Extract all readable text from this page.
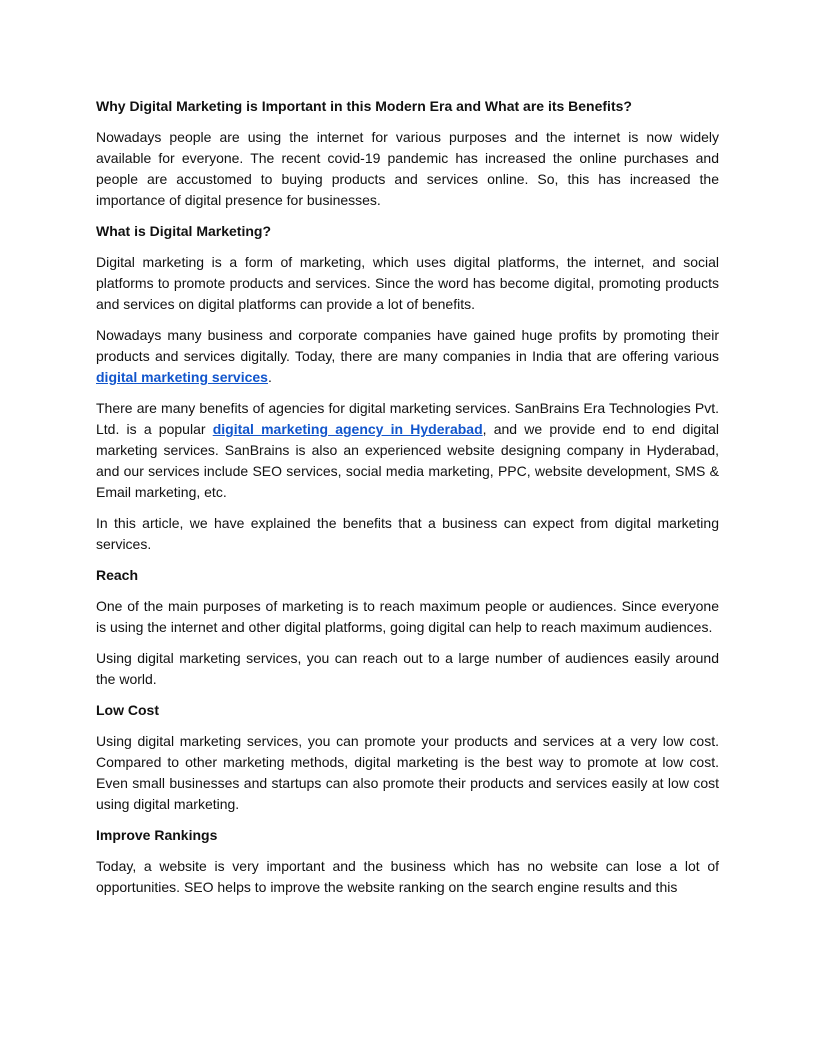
Why Digital Marketing is Important in this Modern Era and What are its Benefits?

Nowadays people are using the internet for various purposes and the internet is now widely available for everyone. The recent covid-19 pandemic has increased the online purchases and people are accustomed to buying products and services online. So, this has increased the importance of digital presence for businesses.

What is Digital Marketing?

Digital marketing is a form of marketing, which uses digital platforms, the internet, and social platforms to promote products and services. Since the word has become digital, promoting products and services on digital platforms can provide a lot of benefits.

Nowadays many business and corporate companies have gained huge profits by promoting their products and services digitally. Today, there are many companies in India that are offering various digital marketing services.

There are many benefits of agencies for digital marketing services. SanBrains Era Technologies Pvt. Ltd. is a popular digital marketing agency in Hyderabad, and we provide end to end digital marketing services. SanBrains is also an experienced website designing company in Hyderabad, and our services include SEO services, social media marketing, PPC, website development, SMS & Email marketing, etc.

In this article, we have explained the benefits that a business can expect from digital marketing services.

Reach

One of the main purposes of marketing is to reach maximum people or audiences. Since everyone is using the internet and other digital platforms, going digital can help to reach maximum audiences.

Using digital marketing services, you can reach out to a large number of audiences easily around the world.

Low Cost

Using digital marketing services, you can promote your products and services at a very low cost. Compared to other marketing methods, digital marketing is the best way to promote at low cost. Even small businesses and startups can also promote their products and services easily at low cost using digital marketing.

Improve Rankings

Today, a website is very important and the business which has no website can lose a lot of opportunities. SEO helps to improve the website ranking on the search engine results and this
